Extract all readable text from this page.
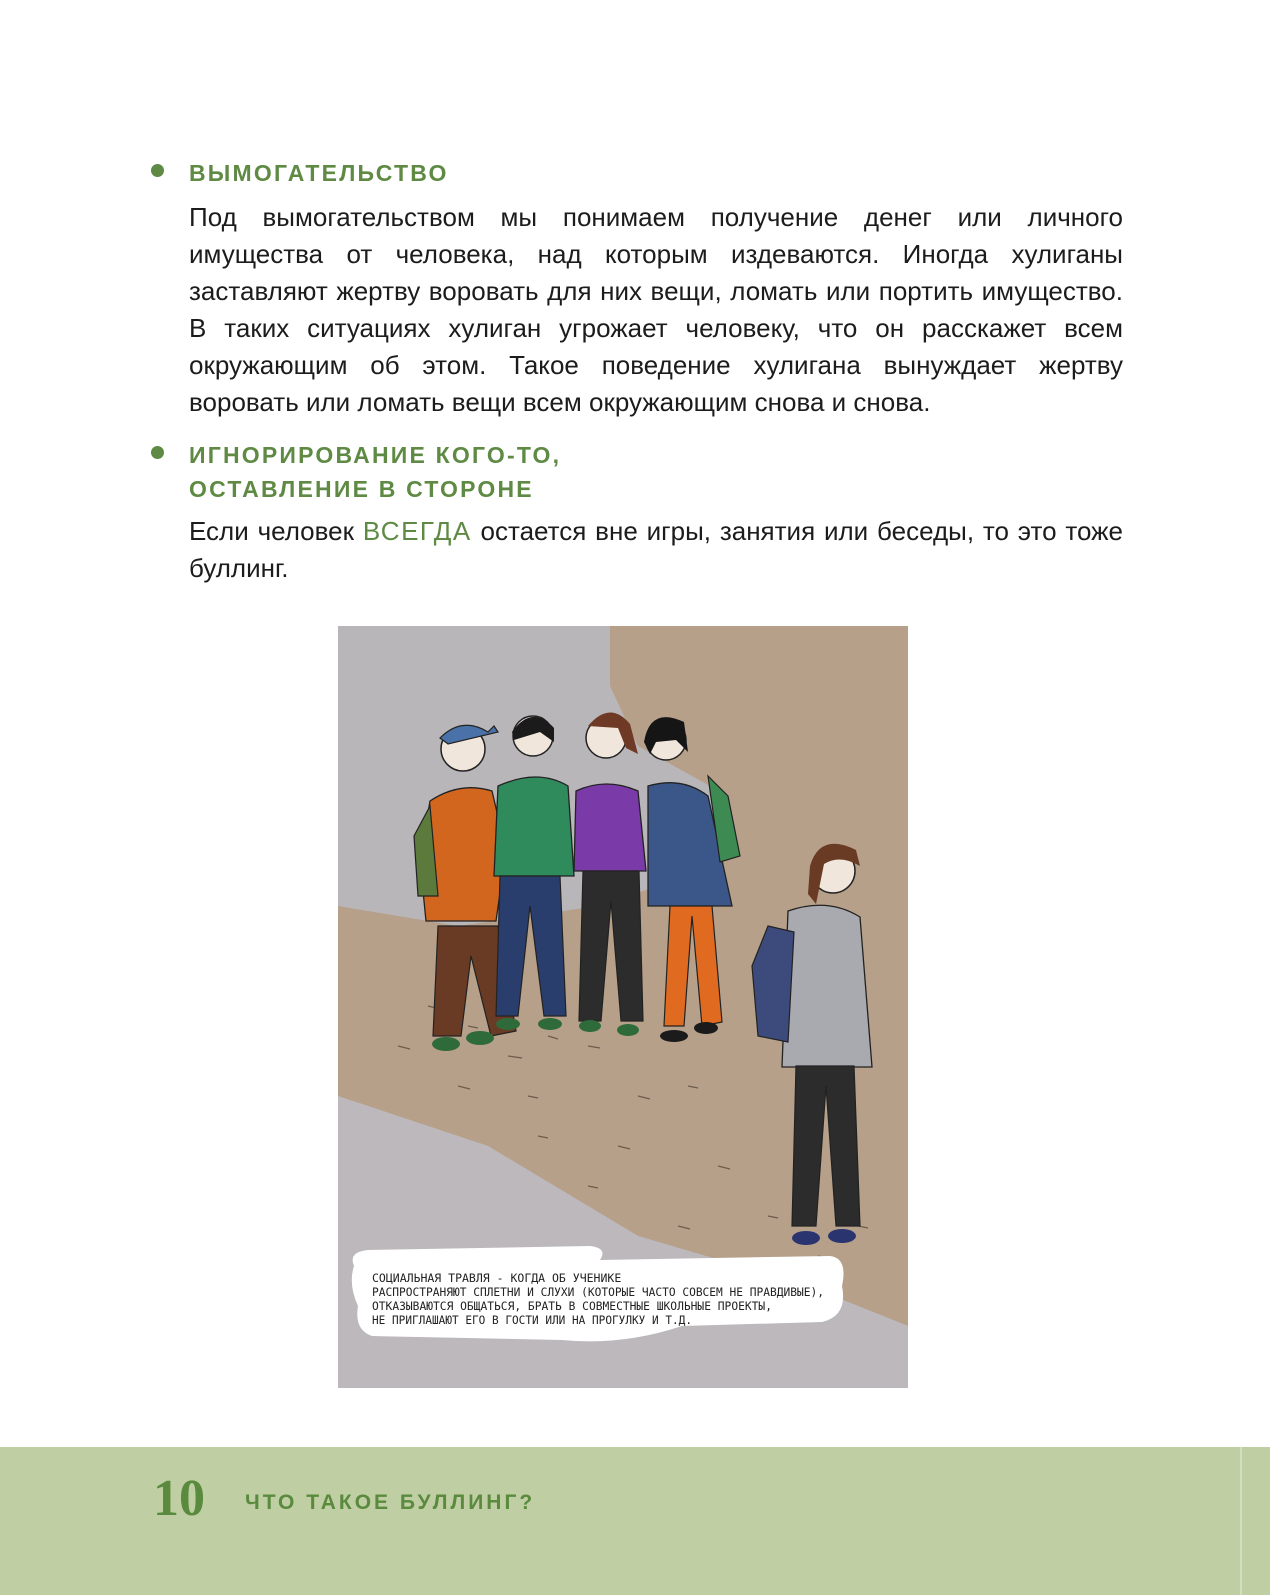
ВЫМОГАТЕЛЬСТВО
Под вымогательством мы понимаем получение денег или личного имущества от человека, над которым издеваются. Иногда хулиганы заставляют жертву воровать для них вещи, ломать или портить имущество. В таких ситуациях хулиган угрожает человеку, что он расскажет всем окружающим об этом. Такое поведение хулигана вынуждает жертву воровать или ломать вещи всем окружающим снова и снова.
ИГНОРИРОВАНИЕ КОГО-ТО,
ОСТАВЛЕНИЕ В СТОРОНЕ
Если человек ВСЕГДА остается вне игры, занятия или беседы, то это тоже буллинг.
СОЦИАЛЬНАЯ ТРАВЛЯ - КОГДА ОБ УЧЕНИКЕ
РАСПРОСТРАНЯЮТ СПЛЕТНИ И СЛУХИ (КОТОРЫЕ ЧАСТО СОВСЕМ НЕ ПРАВДИВЫЕ),
ОТКАЗЫВАЮТСЯ ОБЩАТЬСЯ, БРАТЬ В СОВМЕСТНЫЕ ШКОЛЬНЫЕ ПРОЕКТЫ,
НЕ ПРИГЛАШАЮТ ЕГО В ГОСТИ ИЛИ НА ПРОГУЛКУ И Т.Д.
10 ЧТО ТАКОЕ БУЛЛИНГ?
